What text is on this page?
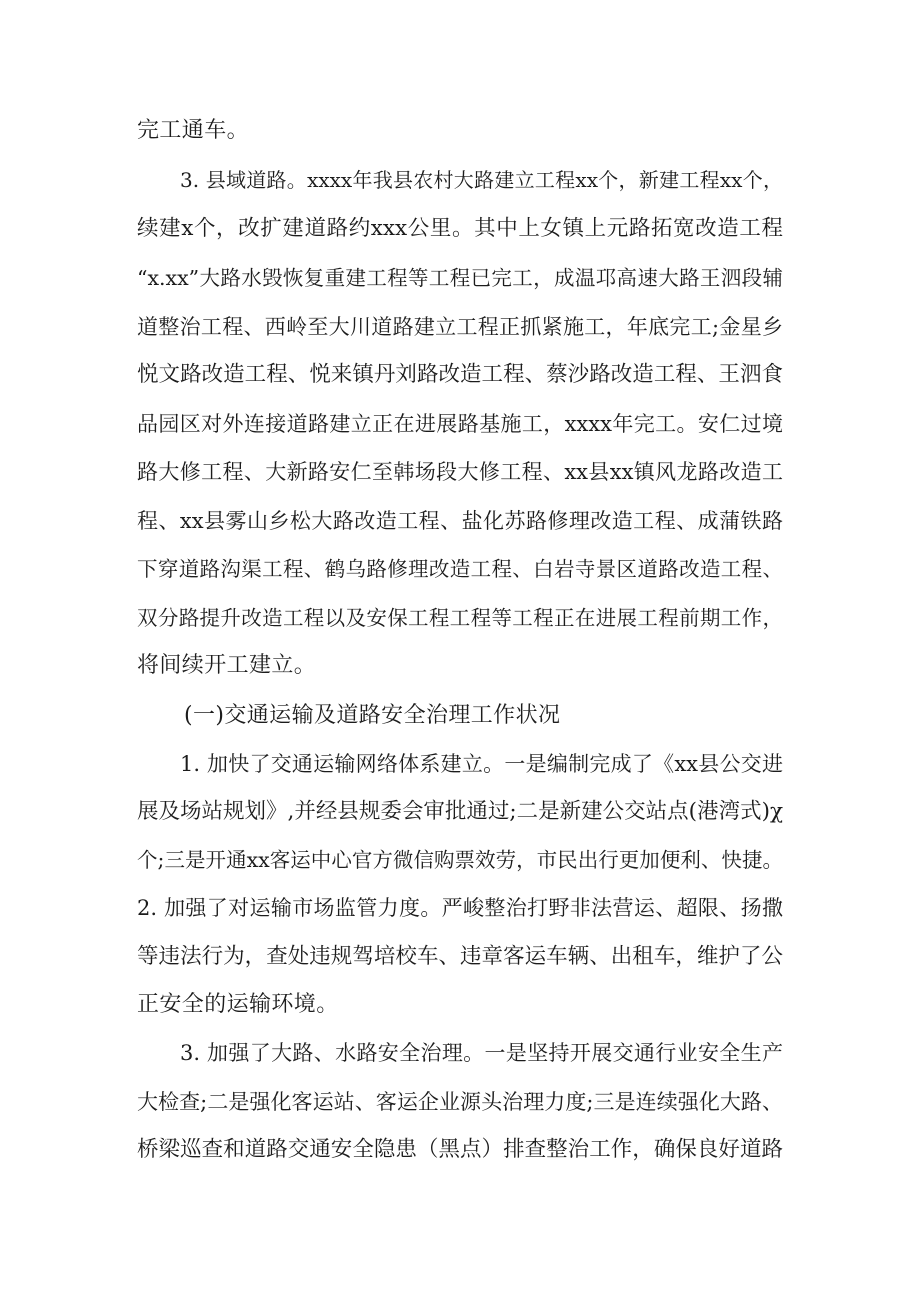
完工通车。
3. 县域道路。xxxx年我县农村大路建立工程xx个，新建工程xx个，
续建x个，改扩建道路约xxx公里。其中上女镇上元路拓宽改造工程
“x.xx”大路水毁恢复重建工程等工程已完工，成温邛高速大路王泗段辅
道整治工程、西岭至大川道路建立工程正抓紧施工，年底完工;金星乡
悦文路改造工程、悦来镇丹刘路改造工程、蔡沙路改造工程、王泗食
品园区对外连接道路建立正在进展路基施工，xxxx年完工。安仁过境
路大修工程、大新路安仁至韩场段大修工程、xx县xx镇风龙路改造工
程、xx县雾山乡松大路改造工程、盐化苏路修理改造工程、成蒲铁路
下穿道路沟渠工程、鹤乌路修理改造工程、白岩寺景区道路改造工程、
双分路提升改造工程以及安保工程工程等工程正在进展工程前期工作，
将间续开工建立。
(一)交通运输及道路安全治理工作状况
1. 加快了交通运输网络体系建立。一是编制完成了《xx县公交进
展及场站规划》,并经县规委会审批通过;二是新建公交站点(港湾式)χ
个;三是开通xx客运中心官方微信购票效劳，市民出行更加便利、快捷。
2. 加强了对运输市场监管力度。严峻整治打野非法营运、超限、扬撒
等违法行为，查处违规驾培校车、违章客运车辆、出租车，维护了公
正安全的运输环境。
3. 加强了大路、水路安全治理。一是坚持开展交通行业安全生产
大检查;二是强化客运站、客运企业源头治理力度;三是连续强化大路、
桥梁巡查和道路交通安全隐患（黑点）排查整治工作，确保良好道路
